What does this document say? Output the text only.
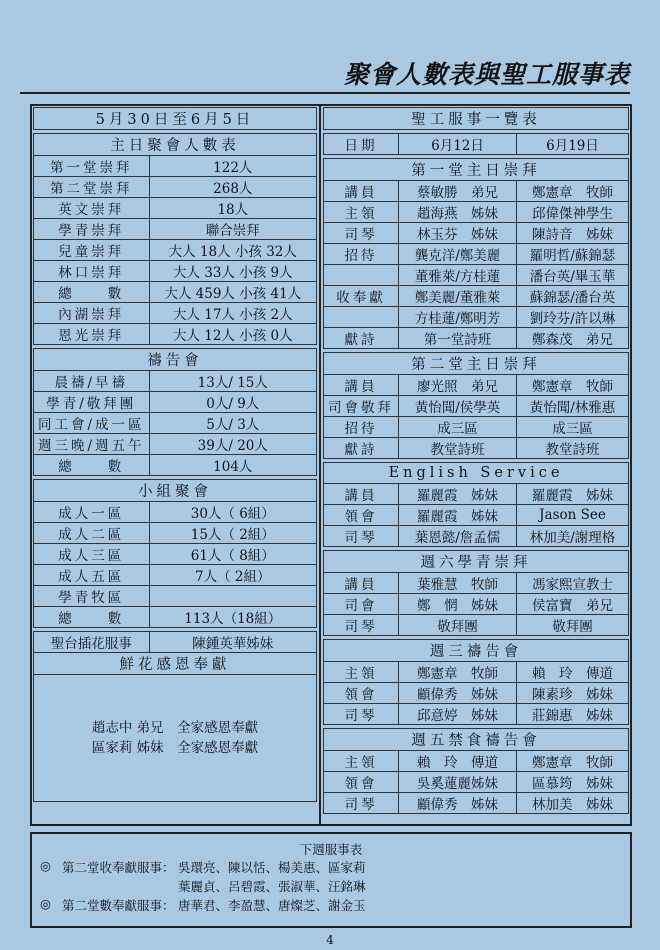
聚會人數表與聖工服事表
5月30日至6月5日	

主日聚會人數表	
第一堂崇拜	122人
第二堂崇拜	268人
英文崇拜	18人
學青崇拜	聯合崇拜
兒童崇拜	大人 18人 小孩 32人
林口崇拜	大人 33人 小孩 9人
總　　數	大人 459人 小孩 41人
內湖崇拜	大人 17人 小孩 2人
恩光崇拜	大人 12人 小孩 0人

禱告會	
晨禱/早禱	13人/ 15人
學青/敬拜團	0人/ 9人
同工會/成一區	5人/ 3人
週三晚/週五午	39人/ 20人
總　　數	104人

小組聚會	
成人一區	30人（ 6組）
成人二區	15人（ 2組）
成人三區	61人（ 8組）
成人五區	7人（ 2組）
學青牧區	
總　　數	113人（18組）

聖台插花服事	陳鍾英華姊妹
鮮花感恩奉獻	

趙志中 弟兄　全家感恩奉獻
區家莉 姊妹　全家感恩奉獻	
聖工服事一覽表		

日期	6月12日	6月19日

第一堂主日崇拜		
講員	蔡敏勝　弟兄	鄭憲章　牧師
主領	趙海燕　姊妹	邱偉傑神學生
司琴	林玉芬　姊妹	陳詩音　姊妹
招待	龔克洋/鄭美麗	羅明哲/蘇錦瑟
	董雅萊/方桂蓮	潘台英/畢玉華
收奉獻	鄭美麗/董雅萊	蘇錦瑟/潘台英
	方桂蓮/鄭明芳	劉玲芬/許以琳
獻詩	第一堂詩班	鄭森茂　弟兄

第二堂主日崇拜		
講員	廖光照　弟兄	鄭憲章　牧師
司會敬拜	黃怡聞/侯學英	黃怡聞/林雅惠
招待	成三區	成三區
獻詩	教堂詩班	教堂詩班

English Service		
講員	羅麗霞　姊妹	羅麗霞　姊妹
領會	羅麗霞　姊妹	Jason See
司琴	葉恩懿/詹孟儒	林加美/謝理格

週六學青崇拜		
講員	葉雅慧　牧師	馮家熙宣教士
司會	鄭　惘　姊妹	侯富寶　弟兄
司琴	敬拜團	敬拜團

週三禱告會		
主領	鄭憲章　牧師	賴　玲　傳道
領會	顧偉秀　姊妹	陳素珍　姊妹
司琴	邱意婷　姊妹	莊錦惠　姊妹

週五禁食禱告會		
主領	賴　玲　傳道	鄭憲章　牧師
領會	吳奚蓮麗姊妹	區慕筠　姊妹
司琴	顧偉秀　姊妹	林加美　姊妹
下週服事表
◎ 第二堂收奉獻服事： 吳環亮、陳以恬、楊美惠、區家莉
葉麗貞、呂碧霞、張淑華、汪銘琳
◎ 第二堂數奉獻服事： 唐華君、李盈慧、唐燦芝、謝金玉
4
